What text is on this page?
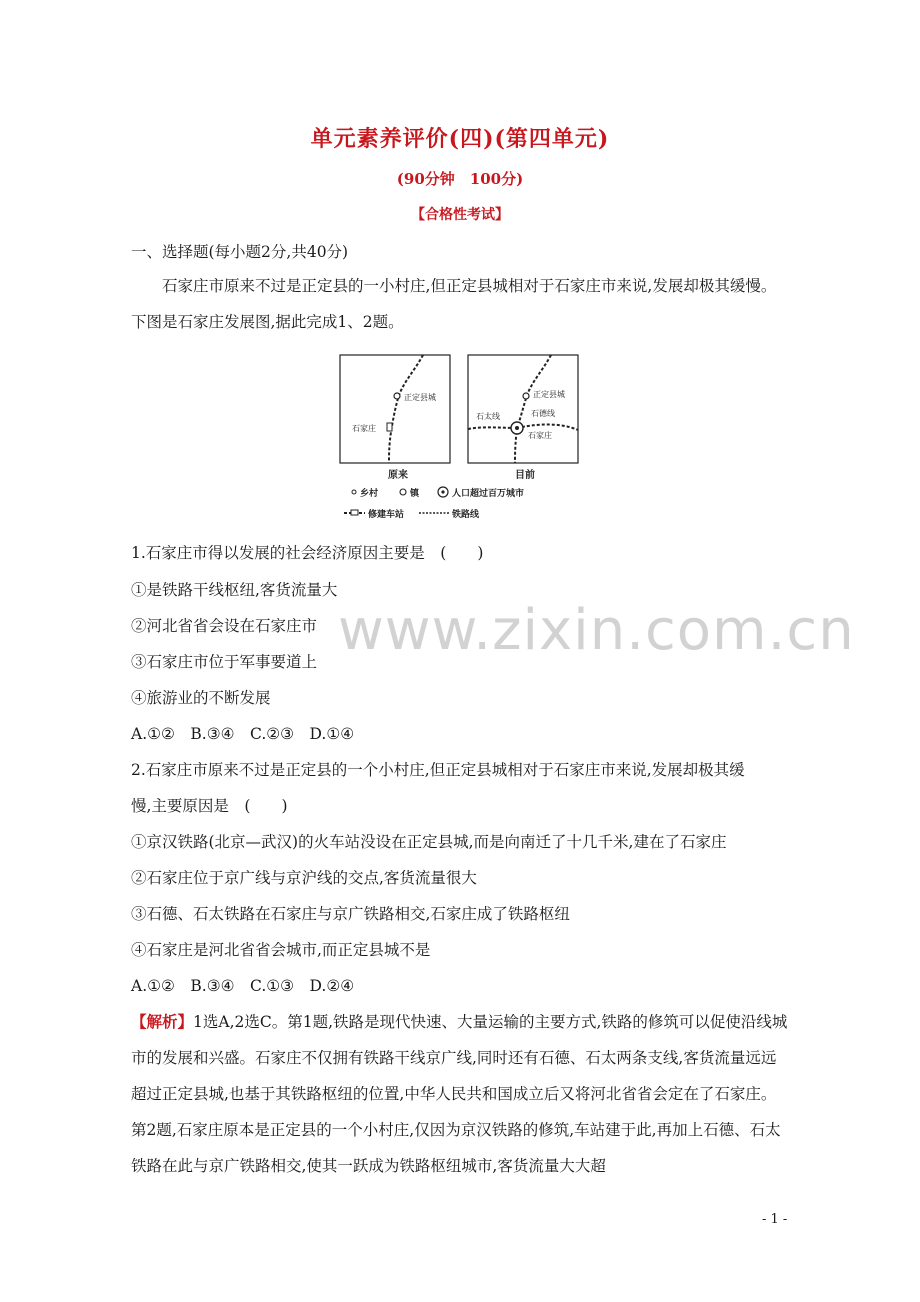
单元素养评价(四)(第四单元)
(90分钟　100分)
【合格性考试】
一、选择题(每小题2分,共40分)
石家庄市原来不过是正定县的一小村庄,但正定县城相对于石家庄市来说,发展却极其缓慢。下图是石家庄发展图,据此完成1、2题。
正定县城
石家庄
原来
正定县城
石太线	石德线
石家庄
目前
乡村	镇	人口超过百万城市
修建车站	铁路线
1.石家庄市得以发展的社会经济原因主要是　(　　)
①是铁路干线枢纽,客货流量大
②河北省省会设在石家庄市
③石家庄市位于军事要道上
④旅游业的不断发展
A.①②　B.③④　C.②③　D.①④
2.石家庄市原来不过是正定县的一个小村庄,但正定县城相对于石家庄市来说,发展却极其缓
慢,主要原因是　(　　)
①京汉铁路(北京—武汉)的火车站没设在正定县城,而是向南迁了十几千米,建在了石家庄
②石家庄位于京广线与京沪线的交点,客货流量很大
③石德、石太铁路在石家庄与京广铁路相交,石家庄成了铁路枢纽
④石家庄是河北省省会城市,而正定县城不是
A.①②　B.③④　C.①③　D.②④
【解析】1选A,2选C。第1题,铁路是现代快速、大量运输的主要方式,铁路的修筑可以促使沿线城市的发展和兴盛。石家庄不仅拥有铁路干线京广线,同时还有石德、石太两条支线,客货流量远远超过正定县城,也基于其铁路枢纽的位置,中华人民共和国成立后又将河北省省会定在了石家庄。第2题,石家庄原本是正定县的一个小村庄,仅因为京汉铁路的修筑,车站建于此,再加上石德、石太铁路在此与京广铁路相交,使其一跃成为铁路枢纽城市,客货流量大大超
www.zixin.com.cn
- 1 -
